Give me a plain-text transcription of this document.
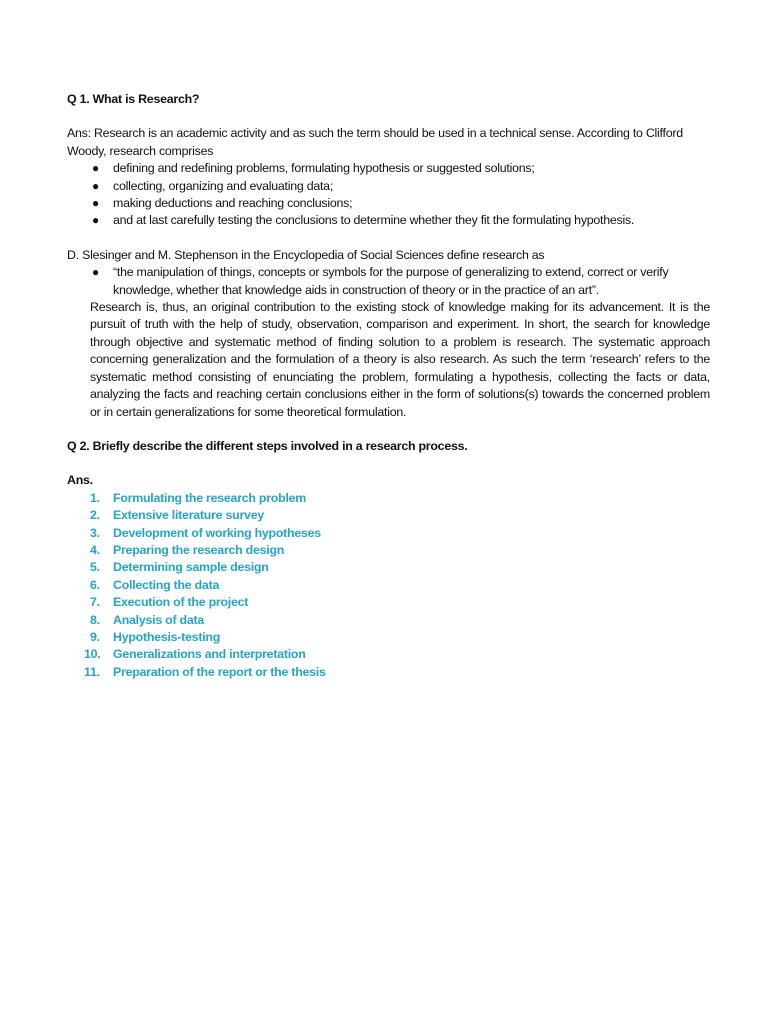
Q 1. What is Research?

Ans: Research is an academic activity and as such the term should be used in a technical sense. According to Clifford

Woody, research comprises

●	defining and redefining problems, formulating hypothesis or suggested solutions;
●	collecting, organizing and evaluating data;
●	making deductions and reaching conclusions;
●	and at last carefully testing the conclusions to determine whether they fit the formulating hypothesis.

D. Slesinger and M. Stephenson in the Encyclopedia of Social Sciences define research as

●	“the manipulation of things, concepts or symbols for the purpose of generalizing to extend, correct or verify knowledge, whether that knowledge aids in construction of theory or in the practice of an art”.

Research is, thus, an original contribution to the existing stock of knowledge making for its advancement. It is the pursuit of truth with the help of study, observation, comparison and experiment. In short, the search for knowledge through objective and systematic method of finding solution to a problem is research. The systematic approach concerning generalization and the formulation of a theory is also research. As such the term ‘research’ refers to the systematic method consisting of enunciating the problem, formulating a hypothesis, collecting the facts or data, analyzing the facts and reaching certain conclusions either in the form of solutions(s) towards the concerned problem or in certain generalizations for some theoretical formulation.

Q 2. Briefly describe the different steps involved in a research process.

Ans.

1. Formulating the research problem
2. Extensive literature survey
3. Development of working hypotheses
4. Preparing the research design
5. Determining sample design
6. Collecting the data
7. Execution of the project
8. Analysis of data
9. Hypothesis-testing
10. Generalizations and interpretation
11. Preparation of the report or the thesis
